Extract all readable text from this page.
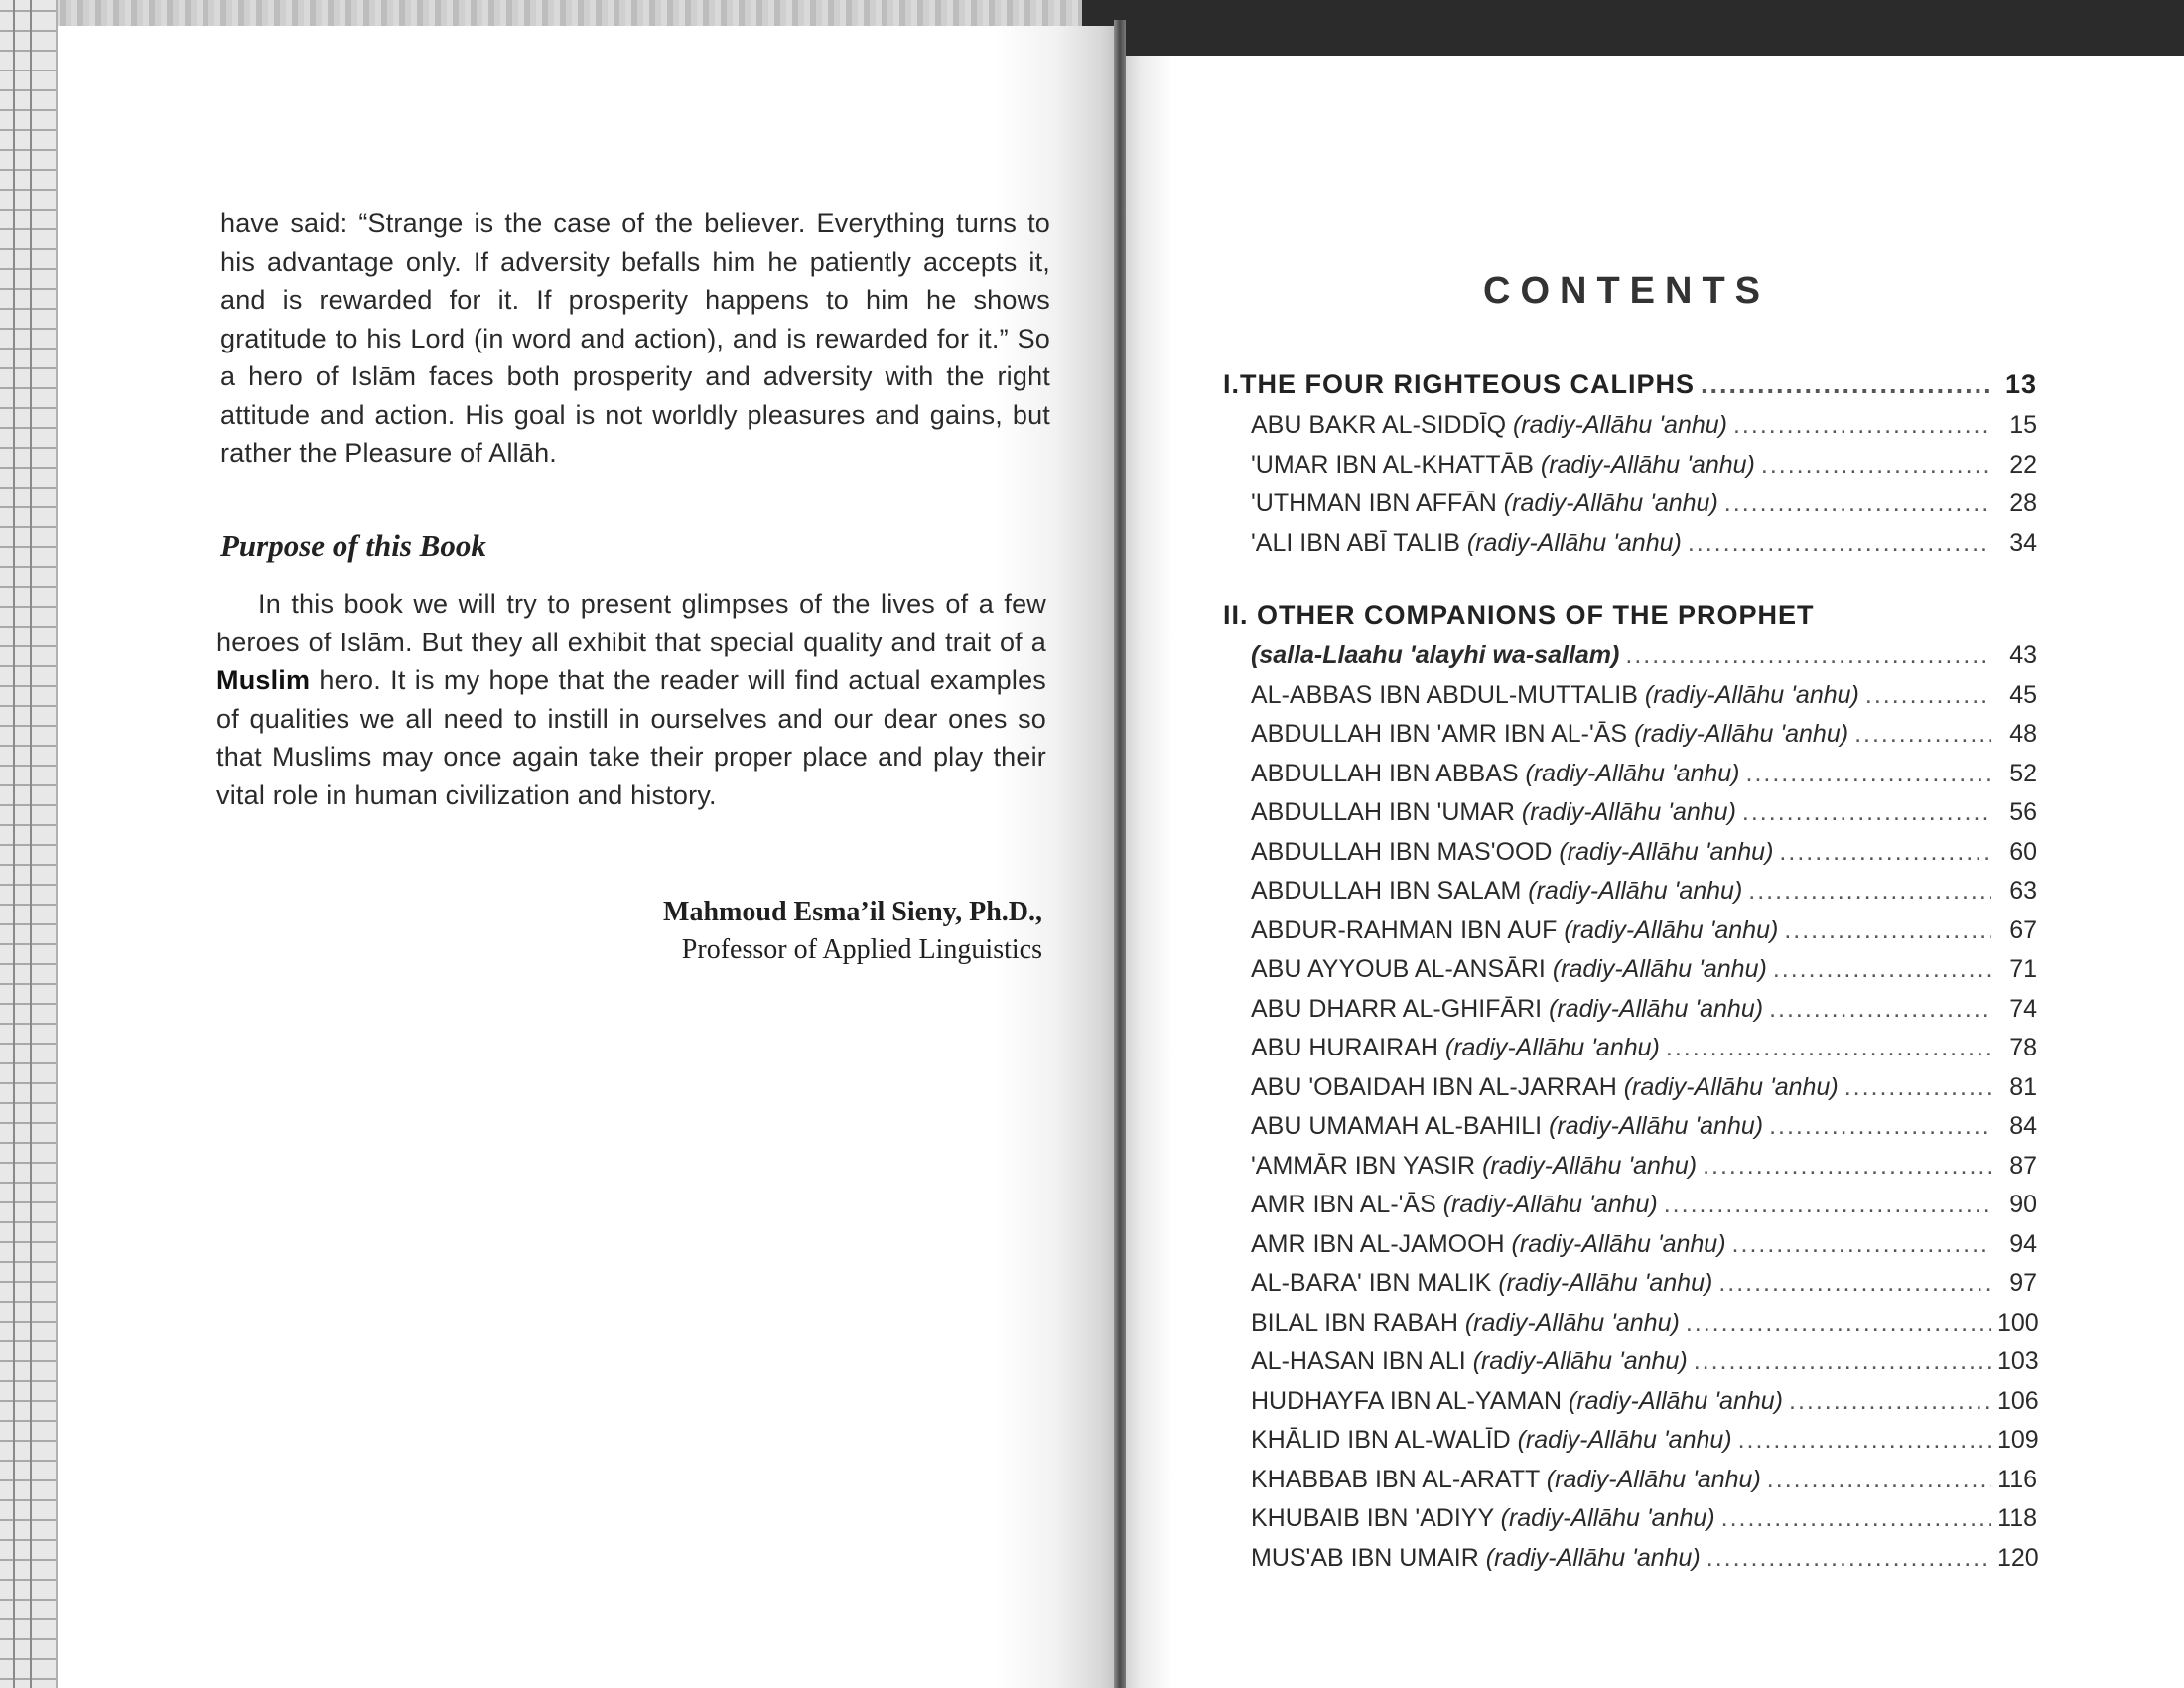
have said: “Strange is the case of the believer. Everything turns to his advantage only. If adversity befalls him he patiently accepts it, and is rewarded for it. If prosperity happens to him he shows gratitude to his Lord (in word and action), and is rewarded for it.” So a hero of Islām faces both prosperity and adversity with the right attitude and action. His goal is not worldly pleasures and gains, but rather the Pleasure of Allāh.

Purpose of this Book

In this book we will try to present glimpses of the lives of a few heroes of Islām. But they all exhibit that special quality and trait of a Muslim hero. It is my hope that the reader will find actual examples of qualities we all need to instill in ourselves and our dear ones so that Muslims may once again take their proper place and play their vital role in human civilization and history.

Mahmoud Esma’il Sieny, Ph.D.,
Professor of Applied Linguistics
CONTENTS
I.THE FOUR RIGHTEOUS CALIPHS .....	13
ABU BAKR AL-SIDDĪQ (radiy-Allāhu 'anhu) .....	15
'UMAR IBN AL-KHATTĀB (radiy-Allāhu 'anhu) .....	22
'UTHMAN IBN AFFĀN (radiy-Allāhu 'anhu) .....	28
'ALI IBN ABĪ TALIB (radiy-Allāhu 'anhu) .....	34
II. OTHER COMPANIONS OF THE PROPHET
(salla-Llaahu 'alayhi wa-sallam) .....	43
AL-ABBAS IBN ABDUL-MUTTALIB (radiy-Allāhu 'anhu) .....	45
ABDULLAH IBN 'AMR IBN AL-'ĀS (radiy-Allāhu 'anhu) .....	48
ABDULLAH IBN ABBAS (radiy-Allāhu 'anhu) .....	52
ABDULLAH IBN 'UMAR (radiy-Allāhu 'anhu) .....	56
ABDULLAH IBN MAS'OOD (radiy-Allāhu 'anhu) .....	60
ABDULLAH IBN SALAM (radiy-Allāhu 'anhu) .....	63
ABDUR-RAHMAN IBN AUF (radiy-Allāhu 'anhu) .....	67
ABU AYYOUB AL-ANSĀRI (radiy-Allāhu 'anhu) .....	71
ABU DHARR AL-GHIFĀRI (radiy-Allāhu 'anhu) .....	74
ABU HURAIRAH (radiy-Allāhu 'anhu) .....	78
ABU 'OBAIDAH IBN AL-JARRAH (radiy-Allāhu 'anhu) .....	81
ABU UMAMAH AL-BAHILI (radiy-Allāhu 'anhu) .....	84
'AMMĀR IBN YASIR (radiy-Allāhu 'anhu) .....	87
AMR IBN AL-'ĀS (radiy-Allāhu 'anhu) .....	90
AMR IBN AL-JAMOOH (radiy-Allāhu 'anhu) .....	94
AL-BARA' IBN MALIK (radiy-Allāhu 'anhu) .....	97
BILAL IBN RABAH (radiy-Allāhu 'anhu) .....	100
AL-HASAN IBN ALI (radiy-Allāhu 'anhu) .....	103
HUDHAYFA IBN AL-YAMAN (radiy-Allāhu 'anhu) .....	106
KHĀLID IBN AL-WALĪD (radiy-Allāhu 'anhu) .....	109
KHABBAB IBN AL-ARATT (radiy-Allāhu 'anhu) .....	116
KHUBAIB IBN 'ADIYY (radiy-Allāhu 'anhu) .....	118
MUS'AB IBN UMAIR (radiy-Allāhu 'anhu) .....	120
